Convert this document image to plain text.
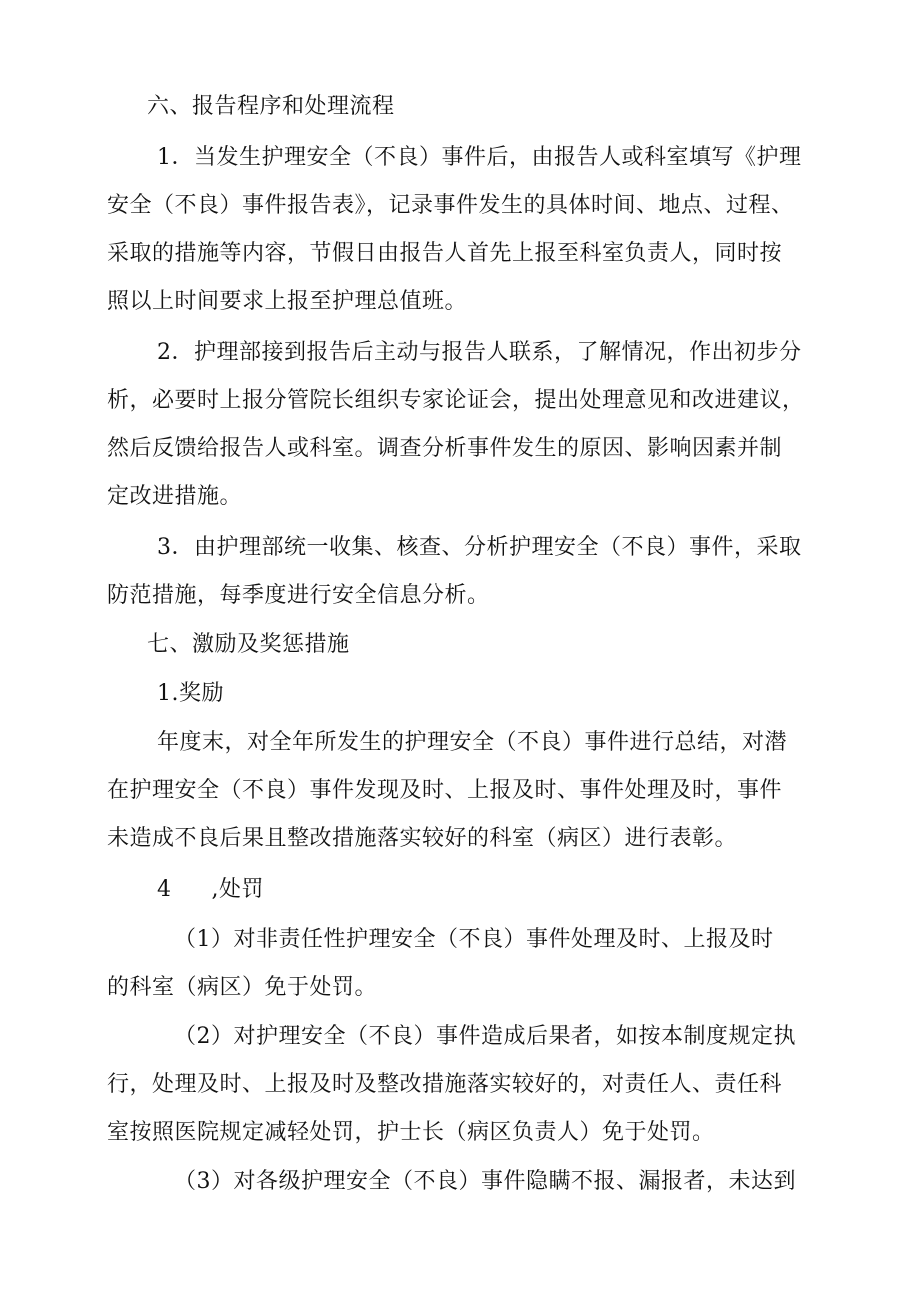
六、报告程序和处理流程
1．当发生护理安全（不良）事件后，由报告人或科室填写《护理
安全（不良）事件报告表》，记录事件发生的具体时间、地点、过程、
采取的措施等内容，节假日由报告人首先上报至科室负责人，同时按
照以上时间要求上报至护理总值班。
2．护理部接到报告后主动与报告人联系，了解情况，作出初步分
析，必要时上报分管院长组织专家论证会，提出处理意见和改进建议，
然后反馈给报告人或科室。调查分析事件发生的原因、影响因素并制
定改进措施。
3．由护理部统一收集、核查、分析护理安全（不良）事件，采取
防范措施，每季度进行安全信息分析。
七、激励及奖惩措施
1.奖励
年度末，对全年所发生的护理安全（不良）事件进行总结，对潜
在护理安全（不良）事件发现及时、上报及时、事件处理及时，事件
未造成不良后果且整改措施落实较好的科室（病区）进行表彰。
4 ,处罚
（1）对非责任性护理安全（不良）事件处理及时、上报及时
的科室（病区）免于处罚。
（2）对护理安全（不良）事件造成后果者，如按本制度规定执
行，处理及时、上报及时及整改措施落实较好的，对责任人、责任科
室按照医院规定减轻处罚，护士长（病区负责人）免于处罚。
（3）对各级护理安全（不良）事件隐瞒不报、漏报者，未达到
